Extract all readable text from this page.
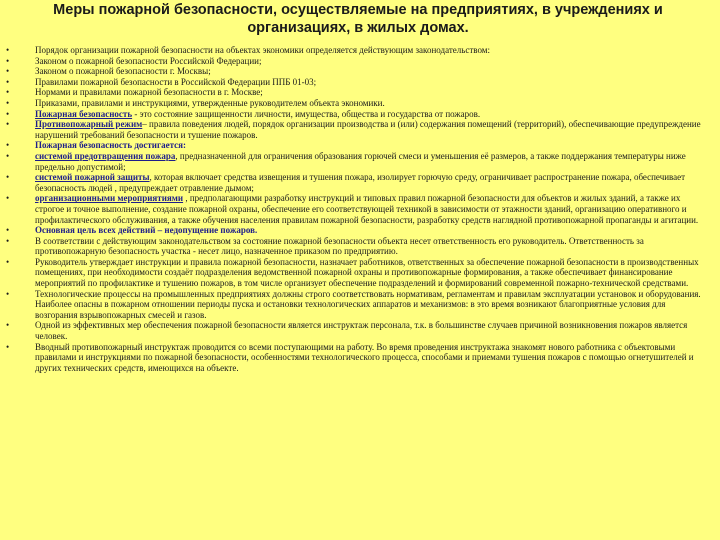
Меры пожарной безопасности, осуществляемые на предприятиях, в учреждениях и организациях, в жилых домах.
•	Порядок организации пожарной безопасности на объектах экономики определяется действующим законодательством:
•	Законом о пожарной безопасности Российской Федерации;
•	Законом о пожарной безопасности г. Москвы;
•	Правилами пожарной безопасности в Российской Федерации ППБ 01-03;
•	Нормами и правилами пожарной безопасности в г. Москве;
•	Приказами, правилами и инструкциями, утвержденные руководителем объекта экономики.
•	Пожарная безопасность - это состояние защищенности личности, имущества, общества и государства от пожаров.
•	Противопожарный режим– правила поведения людей, порядок организации производства и (или) содержания помещений (территорий), обеспечивающие предупреждение нарушений требований безопасности и тушение пожаров.
•	Пожарная безопасность достигается:
•	системой предотвращения пожара, предназначенной для ограничения образования горючей смеси и уменьшения её размеров, а также поддержания температуры ниже предельно допустимой;
•	системой пожарной защиты, которая включает средства извещения и тушения пожара, изолирует горючую среду, ограничивает распространение пожара, обеспечивает безопасность людей , предупреждает отравление дымом;
•	организационными мероприятиями , предполагающими разработку инструкций и типовых правил пожарной безопасности для объектов и жилых зданий, а также их строгое и точное выполнение, создание пожарной охраны, обеспечение его соответствующей техникой в зависимости от этажности зданий, организацию оперативного и профилактического обслуживания, а также обучения населения правилам пожарной безопасности, разработку средств наглядной противопожарной пропаганды и агитации.
•	Основная цель всех действий – недопущение пожаров.
•	В соответствии с действующим законодательством за состояние пожарной безопасности объекта несет ответственность его руководитель. Ответственность за противопожарную безопасность участка - несет лицо, назначенное приказом по предприятию.
•	Руководитель утверждает инструкции и правила пожарной безопасности, назначает работников, ответственных за обеспечение пожарной безопасности в производственных помещениях, при необходимости создаёт подразделения ведомственной пожарной охраны и противопожарные формирования, а также обеспечивает финансирование мероприятий по профилактике и тушению пожаров, в том числе организует обеспечение подразделений и формирований современной пожарно-технической средствами.
•	Технологические процессы на промышленных предприятиях должны строго соответствовать нормативам, регламентам и правилам эксплуатации установок и оборудования. Наиболее опасны в пожарном отношении периоды пуска и остановки технологических аппаратов и механизмов: в это время возникают благоприятные условия для возгорания взрывопожарных смесей и газов.
•	Одной из эффективных мер обеспечения пожарной безопасности является инструктаж персонала, т.к. в большинстве случаев причиной возникновения пожаров является человек.
•	Вводный противопожарный инструктаж проводится со всеми поступающими на работу. Во время проведения инструктажа знакомят нового работника с объектовыми правилами и инструкциями по пожарной безопасности, особенностями технологического процесса, способами и приемами тушения пожаров с помощью огнетушителей и других технических средств, имеющихся на объекте.
